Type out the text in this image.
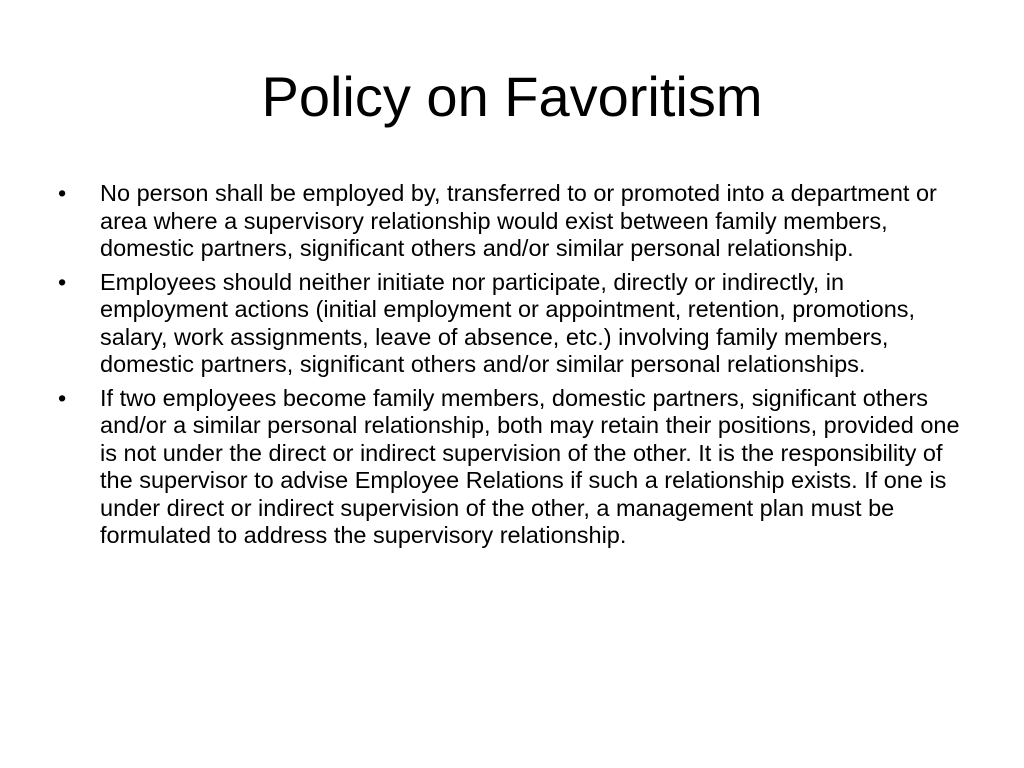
Policy on Favoritism
•	No person shall be employed by, transferred to or promoted into a department or area where a supervisory relationship would exist between family members, domestic partners, significant others and/or similar personal relationship.
•	Employees should neither initiate nor participate, directly or indirectly, in employment actions (initial employment or appointment, retention, promotions, salary, work assignments, leave of absence, etc.) involving family members, domestic partners, significant others and/or similar personal relationships.
•	If two employees become family members, domestic partners, significant others and/or a similar personal relationship, both may retain their positions, provided one is not under the direct or indirect supervision of the other. It is the responsibility of the supervisor to advise Employee Relations if such a relationship exists. If one is under direct or indirect supervision of the other, a management plan must be formulated to address the supervisory relationship.
